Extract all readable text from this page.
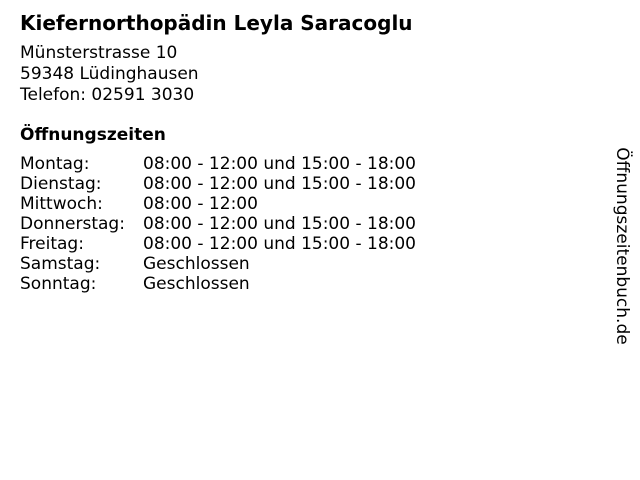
Kiefernorthopädin Leyla Saracoglu
Münsterstrasse 10
59348 Lüdinghausen
Telefon: 02591 3030
Öffnungszeiten
Montag:	08:00 - 12:00 und 15:00 - 18:00
Dienstag: 08:00 - 12:00 und 15:00 - 18:00
Mittwoch: 08:00 - 12:00
Donnerstag: 08:00 - 12:00 und 15:00 - 18:00
Freitag:	08:00 - 12:00 und 15:00 - 18:00
Samstag:	Geschlossen
Sonntag:	Geschlossen	Öffnungszeitenbuch.de
